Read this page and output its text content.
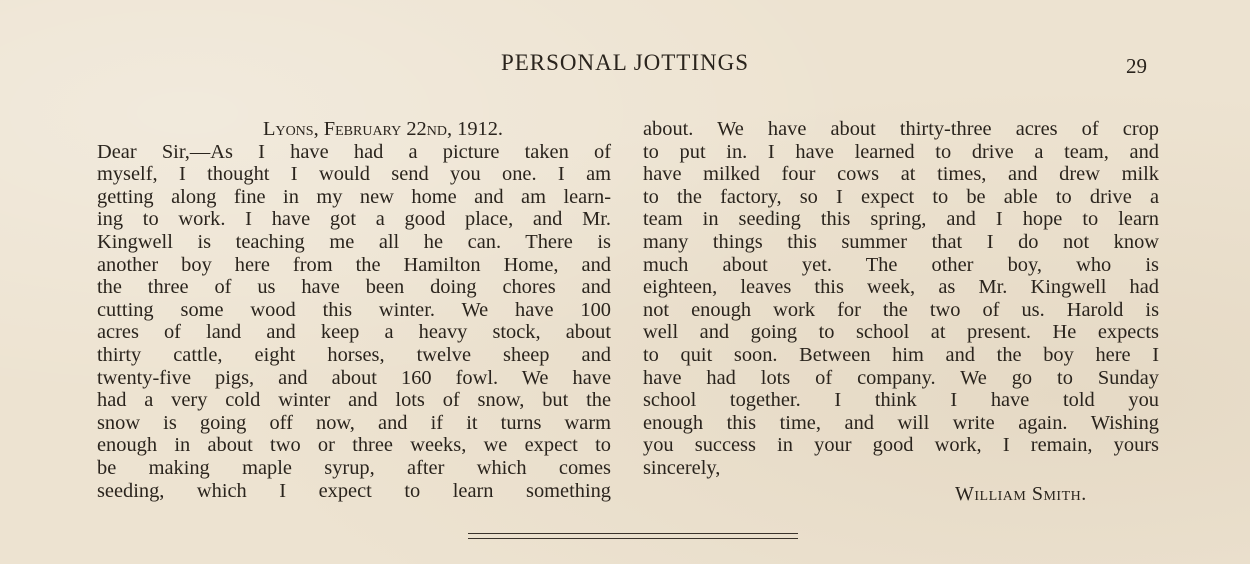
PERSONAL JOTTINGS	29
Lyons, February 22nd, 1912.
Dear Sir,—As I have had a picture taken of
myself, I thought I would send you one. I am
getting along fine in my new home and am learn-
ing to work. I have got a good place, and Mr.
Kingwell is teaching me all he can. There is
another boy here from the Hamilton Home, and
the three of us have been doing chores and
cutting some wood this winter. We have 100
acres of land and keep a heavy stock, about
thirty cattle, eight horses, twelve sheep and
twenty-five pigs, and about 160 fowl. We have
had a very cold winter and lots of snow, but the
snow is going off now, and if it turns warm
enough in about two or three weeks, we expect to
be making maple syrup, after which comes
seeding, which I expect to learn something
about. We have about thirty-three acres of crop
to put in. I have learned to drive a team, and
have milked four cows at times, and drew milk
to the factory, so I expect to be able to drive a
team in seeding this spring, and I hope to learn
many things this summer that I do not know
much about yet. The other boy, who is
eighteen, leaves this week, as Mr. Kingwell had
not enough work for the two of us. Harold is
well and going to school at present. He expects
to quit soon. Between him and the boy here I
have had lots of company. We go to Sunday
school together. I think I have told you
enough this time, and will write again. Wishing
you success in your good work, I remain, yours
sincerely,
William Smith.
